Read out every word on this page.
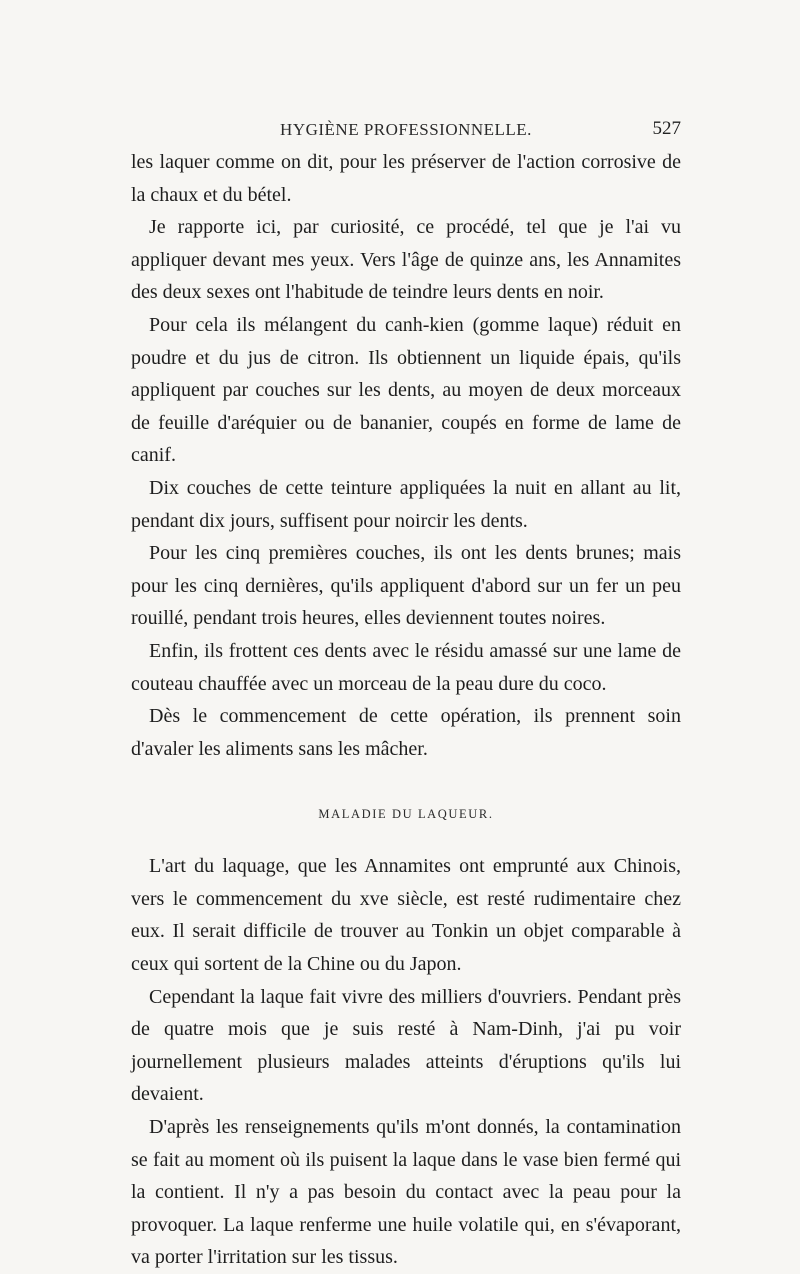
HYGIÈNE PROFESSIONNELLE.	527

les laquer comme on dit, pour les préserver de l'action corrosive de la chaux et du bétel.

Je rapporte ici, par curiosité, ce procédé, tel que je l'ai vu appliquer devant mes yeux. Vers l'âge de quinze ans, les Annamites des deux sexes ont l'habitude de teindre leurs dents en noir.

Pour cela ils mélangent du canh-kien (gomme laque) réduit en poudre et du jus de citron. Ils obtiennent un liquide épais, qu'ils appliquent par couches sur les dents, au moyen de deux morceaux de feuille d'aréquier ou de bananier, coupés en forme de lame de canif.

Dix couches de cette teinture appliquées la nuit en allant au lit, pendant dix jours, suffisent pour noircir les dents.

Pour les cinq premières couches, ils ont les dents brunes; mais pour les cinq dernières, qu'ils appliquent d'abord sur un fer un peu rouillé, pendant trois heures, elles deviennent toutes noires.

Enfin, ils frottent ces dents avec le résidu amassé sur une lame de couteau chauffée avec un morceau de la peau dure du coco.

Dès le commencement de cette opération, ils prennent soin d'avaler les aliments sans les mâcher.

MALADIE DU LAQUEUR.

L'art du laquage, que les Annamites ont emprunté aux Chinois, vers le commencement du xve siècle, est resté rudimentaire chez eux. Il serait difficile de trouver au Tonkin un objet comparable à ceux qui sortent de la Chine ou du Japon.

Cependant la laque fait vivre des milliers d'ouvriers. Pendant près de quatre mois que je suis resté à Nam-Dinh, j'ai pu voir journellement plusieurs malades atteints d'éruptions qu'ils lui devaient.

D'après les renseignements qu'ils m'ont donnés, la contamination se fait au moment où ils puisent la laque dans le vase bien fermé qui la contient. Il n'y a pas besoin du contact avec la peau pour la provoquer. La laque renferme une huile volatile qui, en s'évaporant, va porter l'irritation sur les tissus.
